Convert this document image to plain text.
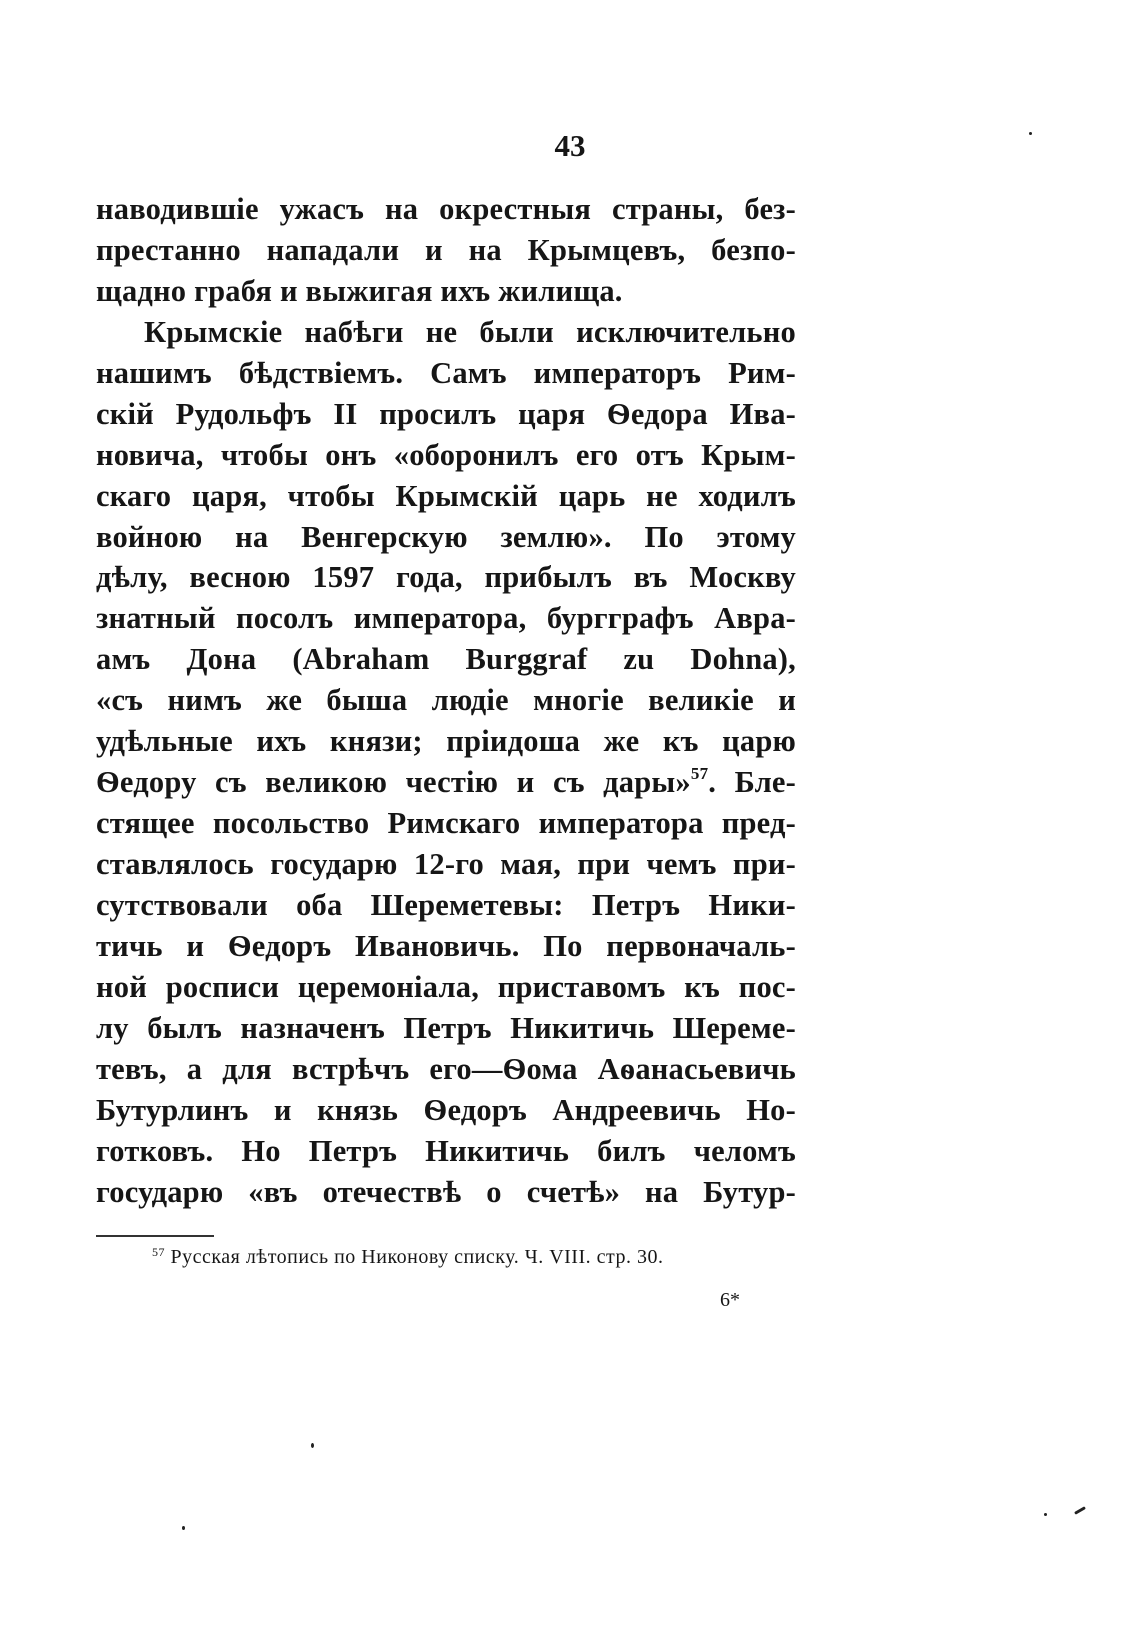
43
наводившіе ужасъ на окрестныя страны, без-
престанно нападали и на Крымцевъ, безпо-
щадно грабя и выжигая ихъ жилища.
Крымскіе набѣги не были исключительно
нашимъ бѣдствіемъ. Самъ императоръ Рим-
скій Рудольфъ II просилъ царя Ѳедора Ива-
новича, чтобы онъ «оборонилъ его отъ Крым-
скаго царя, чтобы Крымскій царь не ходилъ
войною на Венгерскую землю». По этому
дѣлу, весною 1597 года, прибылъ въ Москву
знатный посолъ императора, бургграфъ Авра-
амъ Дона (Abraham Burggraf zu Dohna),
«съ нимъ же быша людіе многіе великіе и
удѣльные ихъ князи; пріидоша же къ царю
Ѳедору съ великою честію и съ дары»$^{57}$. Бле-
стящее посольство Римскаго императора пред-
ставлялось государю 12-го мая, при чемъ при-
сутствовали оба Шереметевы: Петръ Ники-
тичь и Ѳедоръ Ивановичь. По первоначаль-
ной росписи церемоніала, приставомъ къ пос-
лу былъ назначенъ Петръ Никитичь Шереме-
тевъ, а для встрѣчъ его—Ѳома Аѳанасьевичь
Бутурлинъ и князь Ѳедоръ Андреевичь Но-
готковъ. Но Петръ Никитичь билъ челомъ
государю «въ отечествѣ о счетѣ» на Бутур-
$^{57}$ Русская лѣтопись по Никонову списку. Ч. VIII. стр. 30.
6*
